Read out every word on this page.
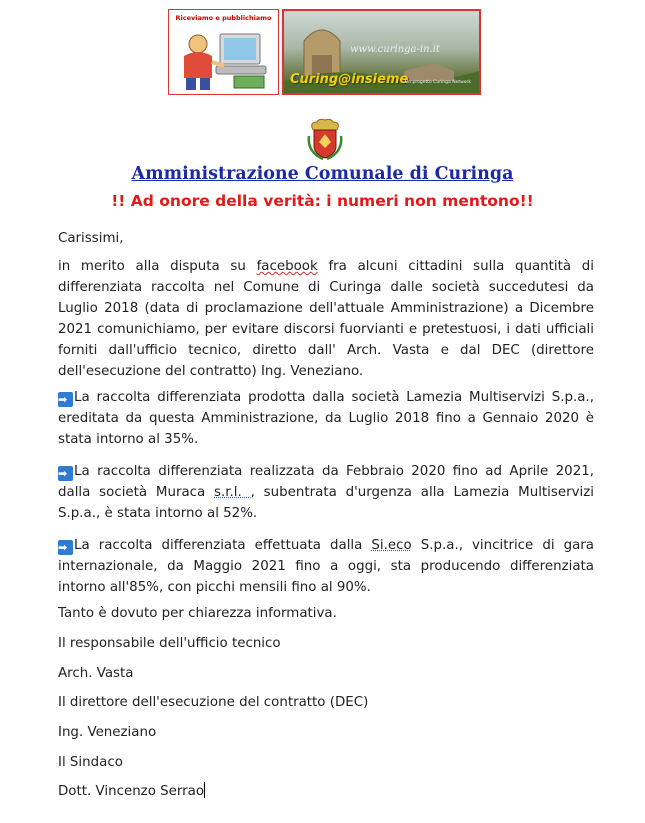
Riceviamo e pubblichiamo
www.curinga-in.it
Curing@insieme
Un progetto Curinga Network
Amministrazione Comunale di Curinga
!! Ad onore della verità: i numeri non mentono!!
Carissimi,
in merito alla disputa su facebook fra alcuni cittadini sulla quantità di differenziata raccolta nel Comune di Curinga dalle società succedutesi da Luglio 2018 (data di proclamazione dell'attuale Amministrazione) a Dicembre 2021 comunichiamo, per evitare discorsi fuorvianti e pretestuosi, i dati ufficiali forniti dall'ufficio tecnico, diretto dall' Arch. Vasta e dal DEC (direttore dell'esecuzione del contratto) Ing. Veneziano.
➡ La raccolta differenziata prodotta dalla società Lamezia Multiservizi S.p.a., ereditata da questa Amministrazione, da Luglio 2018 fino a Gennaio 2020 è stata intorno al 35%.
➡ La raccolta differenziata realizzata da Febbraio 2020 fino ad Aprile 2021, dalla società Muraca s.r.l. , subentrata d'urgenza alla Lamezia Multiservizi S.p.a., è stata intorno al 52%.
➡ La raccolta differenziata effettuata dalla Si.eco S.p.a., vincitrice di gara internazionale, da Maggio 2021 fino a oggi, sta producendo differenziata intorno all'85%, con picchi mensili fino al 90%.
Tanto è dovuto per chiarezza informativa.
Il responsabile dell'ufficio tecnico
Arch. Vasta
Il direttore dell'esecuzione del contratto (DEC)
Ing. Veneziano
Il Sindaco
Dott. Vincenzo Serrao
